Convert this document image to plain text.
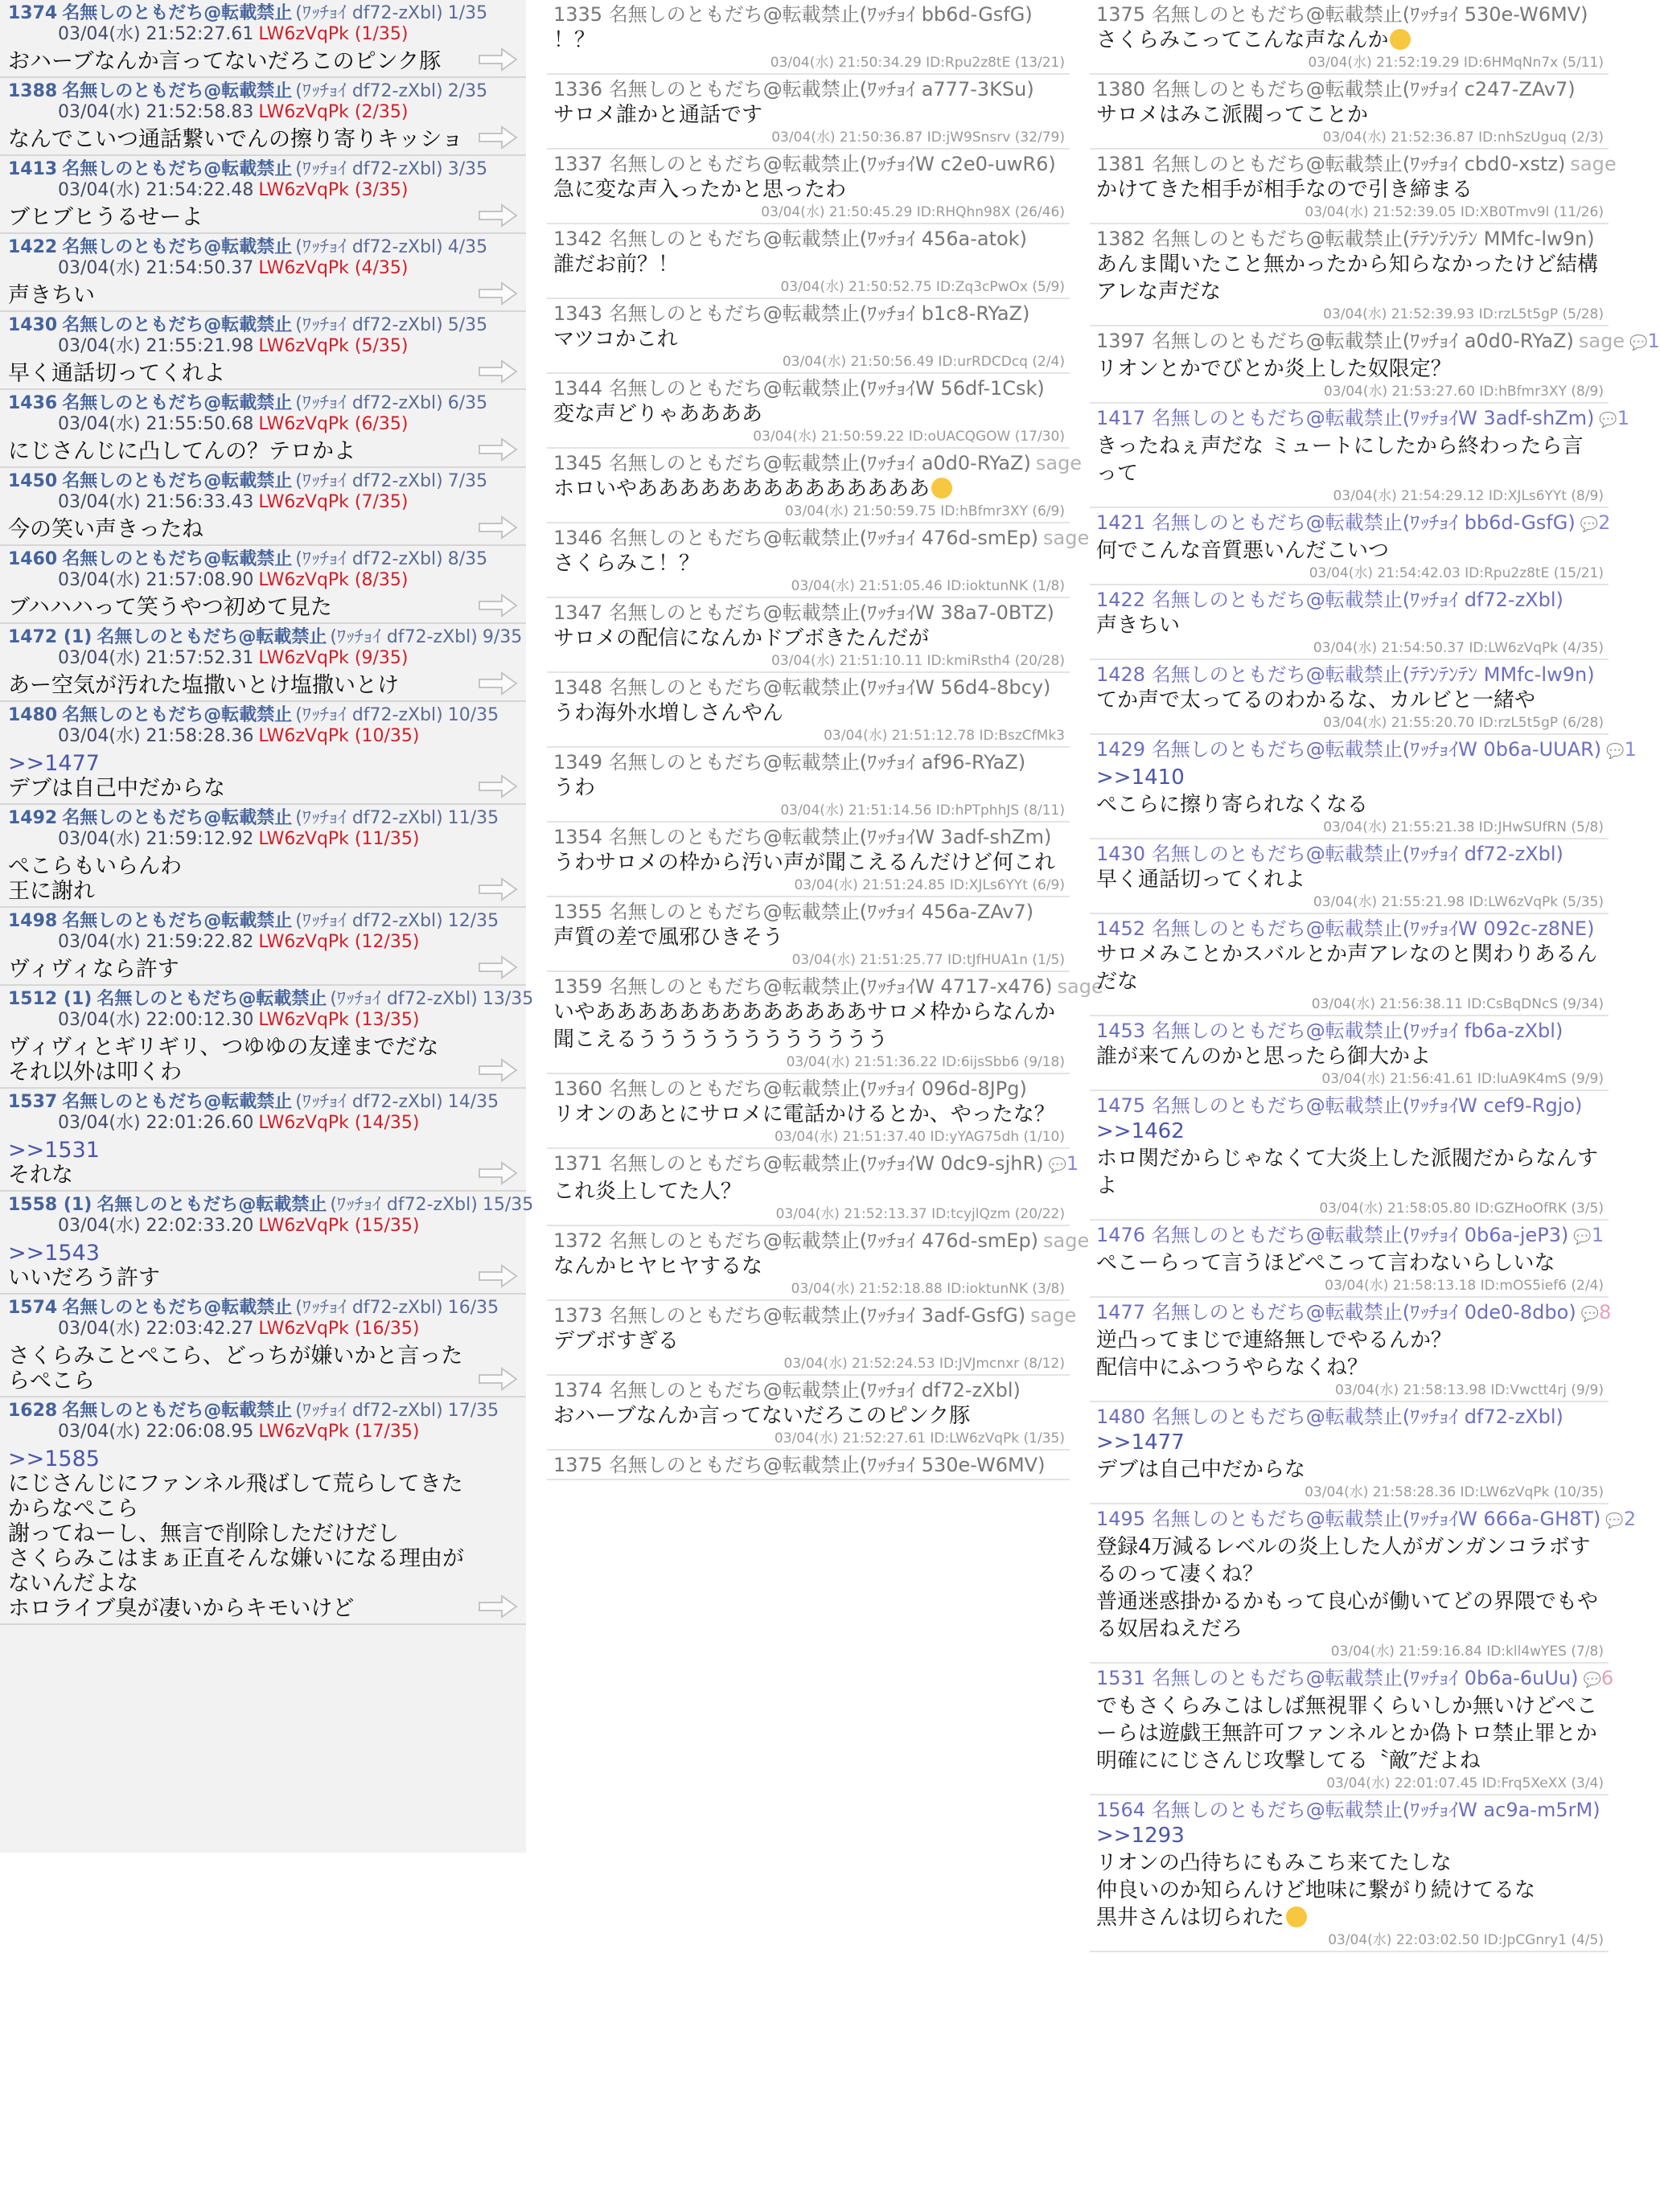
1374 名無しのともだち@転載禁止 (ﾜｯﾁｮｲ df72-zXbl) 1/35
03/04(水) 21:52:27.61 LW6zVqPk (1/35)
おハーブなんか言ってないだろこのピンク豚
1388 名無しのともだち@転載禁止 (ﾜｯﾁｮｲ df72-zXbl) 2/35
03/04(水) 21:52:58.83 LW6zVqPk (2/35)
なんでこいつ通話繋いでんの擦り寄りキッショ
1413 名無しのともだち@転載禁止 (ﾜｯﾁｮｲ df72-zXbl) 3/35
03/04(水) 21:54:22.48 LW6zVqPk (3/35)
ブヒブヒうるせーよ
1422 名無しのともだち@転載禁止 (ﾜｯﾁｮｲ df72-zXbl) 4/35
03/04(水) 21:54:50.37 LW6zVqPk (4/35)
声きちい
1430 名無しのともだち@転載禁止 (ﾜｯﾁｮｲ df72-zXbl) 5/35
03/04(水) 21:55:21.98 LW6zVqPk (5/35)
早く通話切ってくれよ
1436 名無しのともだち@転載禁止 (ﾜｯﾁｮｲ df72-zXbl) 6/35
03/04(水) 21:55:50.68 LW6zVqPk (6/35)
にじさんじに凸してんの？テロかよ
1450 名無しのともだち@転載禁止 (ﾜｯﾁｮｲ df72-zXbl) 7/35
03/04(水) 21:56:33.43 LW6zVqPk (7/35)
今の笑い声きったね
1460 名無しのともだち@転載禁止 (ﾜｯﾁｮｲ df72-zXbl) 8/35
03/04(水) 21:57:08.90 LW6zVqPk (8/35)
ブハハハって笑うやつ初めて見た
1472 (1) 名無しのともだち@転載禁止 (ﾜｯﾁｮｲ df72-zXbl) 9/35
03/04(水) 21:57:52.31 LW6zVqPk (9/35)
あー空気が汚れた塩撒いとけ塩撒いとけ
1480 名無しのともだち@転載禁止 (ﾜｯﾁｮｲ df72-zXbl) 10/35
03/04(水) 21:58:28.36 LW6zVqPk (10/35)
>>1477
デブは自己中だからな
1492 名無しのともだち@転載禁止 (ﾜｯﾁｮｲ df72-zXbl) 11/35
03/04(水) 21:59:12.92 LW6zVqPk (11/35)
ぺこらもいらんわ
王に謝れ
1498 名無しのともだち@転載禁止 (ﾜｯﾁｮｲ df72-zXbl) 12/35
03/04(水) 21:59:22.82 LW6zVqPk (12/35)
ヴィヴィなら許す
1512 (1) 名無しのともだち@転載禁止 (ﾜｯﾁｮｲ df72-zXbl) 13/35
03/04(水) 22:00:12.30 LW6zVqPk (13/35)
ヴィヴィとギリギリ、つゆゆの友達までだな
それ以外は叩くわ
1537 名無しのともだち@転載禁止 (ﾜｯﾁｮｲ df72-zXbl) 14/35
03/04(水) 22:01:26.60 LW6zVqPk (14/35)
>>1531
それな
1558 (1) 名無しのともだち@転載禁止 (ﾜｯﾁｮｲ df72-zXbl) 15/35
03/04(水) 22:02:33.20 LW6zVqPk (15/35)
>>1543
いいだろう許す
1574 名無しのともだち@転載禁止 (ﾜｯﾁｮｲ df72-zXbl) 16/35
03/04(水) 22:03:42.27 LW6zVqPk (16/35)
さくらみことぺこら、どっちが嫌いかと言ったらぺこら
1628 名無しのともだち@転載禁止 (ﾜｯﾁｮｲ df72-zXbl) 17/35
03/04(水) 22:06:08.95 LW6zVqPk (17/35)
>>1585
にじさんじにファンネル飛ばして荒らしてきたからなぺこら
謝ってねーし、無言で削除しただけだし
さくらみこはまぁ正直そんな嫌いになる理由がないんだよな
ホロライブ臭が凄いからキモいけど
1335 名無しのともだち@転載禁止(ﾜｯﾁｮｲ bb6d-GsfG)
！？
03/04(水) 21:50:34.29 ID:Rpu2z8tE (13/21)
1336 名無しのともだち@転載禁止(ﾜｯﾁｮｲ a777-3KSu)
サロメ誰かと通話です
03/04(水) 21:50:36.87 ID:jW9Snsrv (32/79)
1337 名無しのともだち@転載禁止(ﾜｯﾁｮｲW c2e0-uwR6)
急に変な声入ったかと思ったわ
03/04(水) 21:50:45.29 ID:RHQhn98X (26/46)
1342 名無しのともだち@転載禁止(ﾜｯﾁｮｲ 456a-atok)
誰だお前？！
03/04(水) 21:50:52.75 ID:Zq3cPwOx (5/9)
1343 名無しのともだち@転載禁止(ﾜｯﾁｮｲ b1c8-RYaZ)
マツコかこれ
03/04(水) 21:50:56.49 ID:urRDCDcq (2/4)
1344 名無しのともだち@転載禁止(ﾜｯﾁｮｲW 56df-1Csk)
変な声どりゃああああ
03/04(水) 21:50:59.22 ID:oUACQGOW (17/30)
1345 名無しのともだち@転載禁止(ﾜｯﾁｮｲ a0d0-RYaZ) sage
ホロいやああああああああああああああ
03/04(水) 21:50:59.75 ID:hBfmr3XY (6/9)
1346 名無しのともだち@転載禁止(ﾜｯﾁｮｲ 476d-smEp) sage
さくらみこ！？
03/04(水) 21:51:05.46 ID:ioktunNK (1/8)
1347 名無しのともだち@転載禁止(ﾜｯﾁｮｲW 38a7-0BTZ)
サロメの配信になんかドブボきたんだが
03/04(水) 21:51:10.11 ID:kmiRsth4 (20/28)
1348 名無しのともだち@転載禁止(ﾜｯﾁｮｲW 56d4-8bcy)
うわ海外水増しさんやん
03/04(水) 21:51:12.78 ID:BszCfMk3
1349 名無しのともだち@転載禁止(ﾜｯﾁｮｲ af96-RYaZ)
うわ
03/04(水) 21:51:14.56 ID:hPTphhJS (8/11)
1354 名無しのともだち@転載禁止(ﾜｯﾁｮｲW 3adf-shZm)
うわサロメの枠から汚い声が聞こえるんだけど何これ
03/04(水) 21:51:24.85 ID:XJLs6YYt (6/9)
1355 名無しのともだち@転載禁止(ﾜｯﾁｮｲ 456a-ZAv7)
声質の差で風邪ひきそう
03/04(水) 21:51:25.77 ID:tJfHUA1n (1/5)
1359 名無しのともだち@転載禁止(ﾜｯﾁｮｲW 4717-x476) sage
いやあああああああああああああサロメ枠からなんか聞こえるうううううううううううう
03/04(水) 21:51:36.22 ID:6ijsSbb6 (9/18)
1360 名無しのともだち@転載禁止(ﾜｯﾁｮｲ 096d-8JPg)
リオンのあとにサロメに電話かけるとか、やったな？
03/04(水) 21:51:37.40 ID:yYAG75dh (1/10)
1371 名無しのともだち@転載禁止(ﾜｯﾁｮｲW 0dc9-sjhR) 💬1
これ炎上してた人？
03/04(水) 21:52:13.37 ID:tcyjlQzm (20/22)
1372 名無しのともだち@転載禁止(ﾜｯﾁｮｲ 476d-smEp) sage
なんかヒヤヒヤするな
03/04(水) 21:52:18.88 ID:ioktunNK (3/8)
1373 名無しのともだち@転載禁止(ﾜｯﾁｮｲ 3adf-GsfG) sage
デブボすぎる
03/04(水) 21:52:24.53 ID:JVJmcnxr (8/12)
1374 名無しのともだち@転載禁止(ﾜｯﾁｮｲ df72-zXbl)
おハーブなんか言ってないだろこのピンク豚
03/04(水) 21:52:27.61 ID:LW6zVqPk (1/35)
1375 名無しのともだち@転載禁止(ﾜｯﾁｮｲ 530e-W6MV)
1375 名無しのともだち@転載禁止(ﾜｯﾁｮｲ 530e-W6MV)
さくらみこってこんな声なんか
03/04(水) 21:52:19.29 ID:6HMqNn7x (5/11)
1380 名無しのともだち@転載禁止(ﾜｯﾁｮｲ c247-ZAv7)
サロメはみこ派閥ってことか
03/04(水) 21:52:36.87 ID:nhSzUguq (2/3)
1381 名無しのともだち@転載禁止(ﾜｯﾁｮｲ cbd0-xstz) sage
かけてきた相手が相手なので引き締まる
03/04(水) 21:52:39.05 ID:XB0Tmv9l (11/26)
1382 名無しのともだち@転載禁止(ﾃﾃﾝﾃﾝﾃﾝ MMfc-lw9n)
あんま聞いたこと無かったから知らなかったけど結構アレな声だな
03/04(水) 21:52:39.93 ID:rzL5t5gP (5/28)
1397 名無しのともだち@転載禁止(ﾜｯﾁｮｲ a0d0-RYaZ) sage 💬1
リオンとかでびとか炎上した奴限定？
03/04(水) 21:53:27.60 ID:hBfmr3XY (8/9)
1417 名無しのともだち@転載禁止(ﾜｯﾁｮｲW 3adf-shZm) 💬1
きったねぇ声だな ミュートにしたから終わったら言って
03/04(水) 21:54:29.12 ID:XJLs6YYt (8/9)
1421 名無しのともだち@転載禁止(ﾜｯﾁｮｲ bb6d-GsfG) 💬2
何でこんな音質悪いんだこいつ
03/04(水) 21:54:42.03 ID:Rpu2z8tE (15/21)
1422 名無しのともだち@転載禁止(ﾜｯﾁｮｲ df72-zXbl)
声きちい
03/04(水) 21:54:50.37 ID:LW6zVqPk (4/35)
1428 名無しのともだち@転載禁止(ﾃﾃﾝﾃﾝﾃﾝ MMfc-lw9n)
てか声で太ってるのわかるな、カルビと一緒や
03/04(水) 21:55:20.70 ID:rzL5t5gP (6/28)
1429 名無しのともだち@転載禁止(ﾜｯﾁｮｲW 0b6a-UUAR) 💬1
>>1410
ぺこらに擦り寄られなくなる
03/04(水) 21:55:21.38 ID:JHwSUfRN (5/8)
1430 名無しのともだち@転載禁止(ﾜｯﾁｮｲ df72-zXbl)
早く通話切ってくれよ
03/04(水) 21:55:21.98 ID:LW6zVqPk (5/35)
1452 名無しのともだち@転載禁止(ﾜｯﾁｮｲW 092c-z8NE)
サロメみことかスバルとか声アレなのと関わりあるんだな
03/04(水) 21:56:38.11 ID:CsBqDNcS (9/34)
1453 名無しのともだち@転載禁止(ﾜｯﾁｮｲ fb6a-zXbl)
誰が来てんのかと思ったら御大かよ
03/04(水) 21:56:41.61 ID:luA9K4mS (9/9)
1475 名無しのともだち@転載禁止(ﾜｯﾁｮｲW cef9-Rgjo)
>>1462
ホロ関だからじゃなくて大炎上した派閥だからなんすよ
03/04(水) 21:58:05.80 ID:GZHoOfRK (3/5)
1476 名無しのともだち@転載禁止(ﾜｯﾁｮｲ 0b6a-jeP3) 💬1
ぺこーらって言うほどぺこって言わないらしいな
03/04(水) 21:58:13.18 ID:mOS5ief6 (2/4)
1477 名無しのともだち@転載禁止(ﾜｯﾁｮｲ 0de0-8dbo) 💬8
逆凸ってまじで連絡無しでやるんか？
配信中にふつうやらなくね？
03/04(水) 21:58:13.98 ID:Vwctt4rj (9/9)
1480 名無しのともだち@転載禁止(ﾜｯﾁｮｲ df72-zXbl)
>>1477
デブは自己中だからな
03/04(水) 21:58:28.36 ID:LW6zVqPk (10/35)
1495 名無しのともだち@転載禁止(ﾜｯﾁｮｲW 666a-GH8T) 💬2
登録4万減るレベルの炎上した人がガンガンコラボするのって凄くね？
普通迷惑掛かるかもって良心が働いてどの界隈でもやる奴居ねえだろ
03/04(水) 21:59:16.84 ID:kll4wYES (7/8)
1531 名無しのともだち@転載禁止(ﾜｯﾁｮｲ 0b6a-6uUu) 💬6
でもさくらみこはしば無視罪くらいしか無いけどぺこーらは遊戯王無許可ファンネルとか偽トロ禁止罪とか明確ににじさんじ攻撃してる〝敵″だよね
03/04(水) 22:01:07.45 ID:Frq5XeXX (3/4)
1564 名無しのともだち@転載禁止(ﾜｯﾁｮｲW ac9a-m5rM)
>>1293
リオンの凸待ちにもみこち来てたしな
仲良いのか知らんけど地味に繋がり続けてるな
黒井さんは切られた
03/04(水) 22:03:02.50 ID:JpCGnry1 (4/5)
